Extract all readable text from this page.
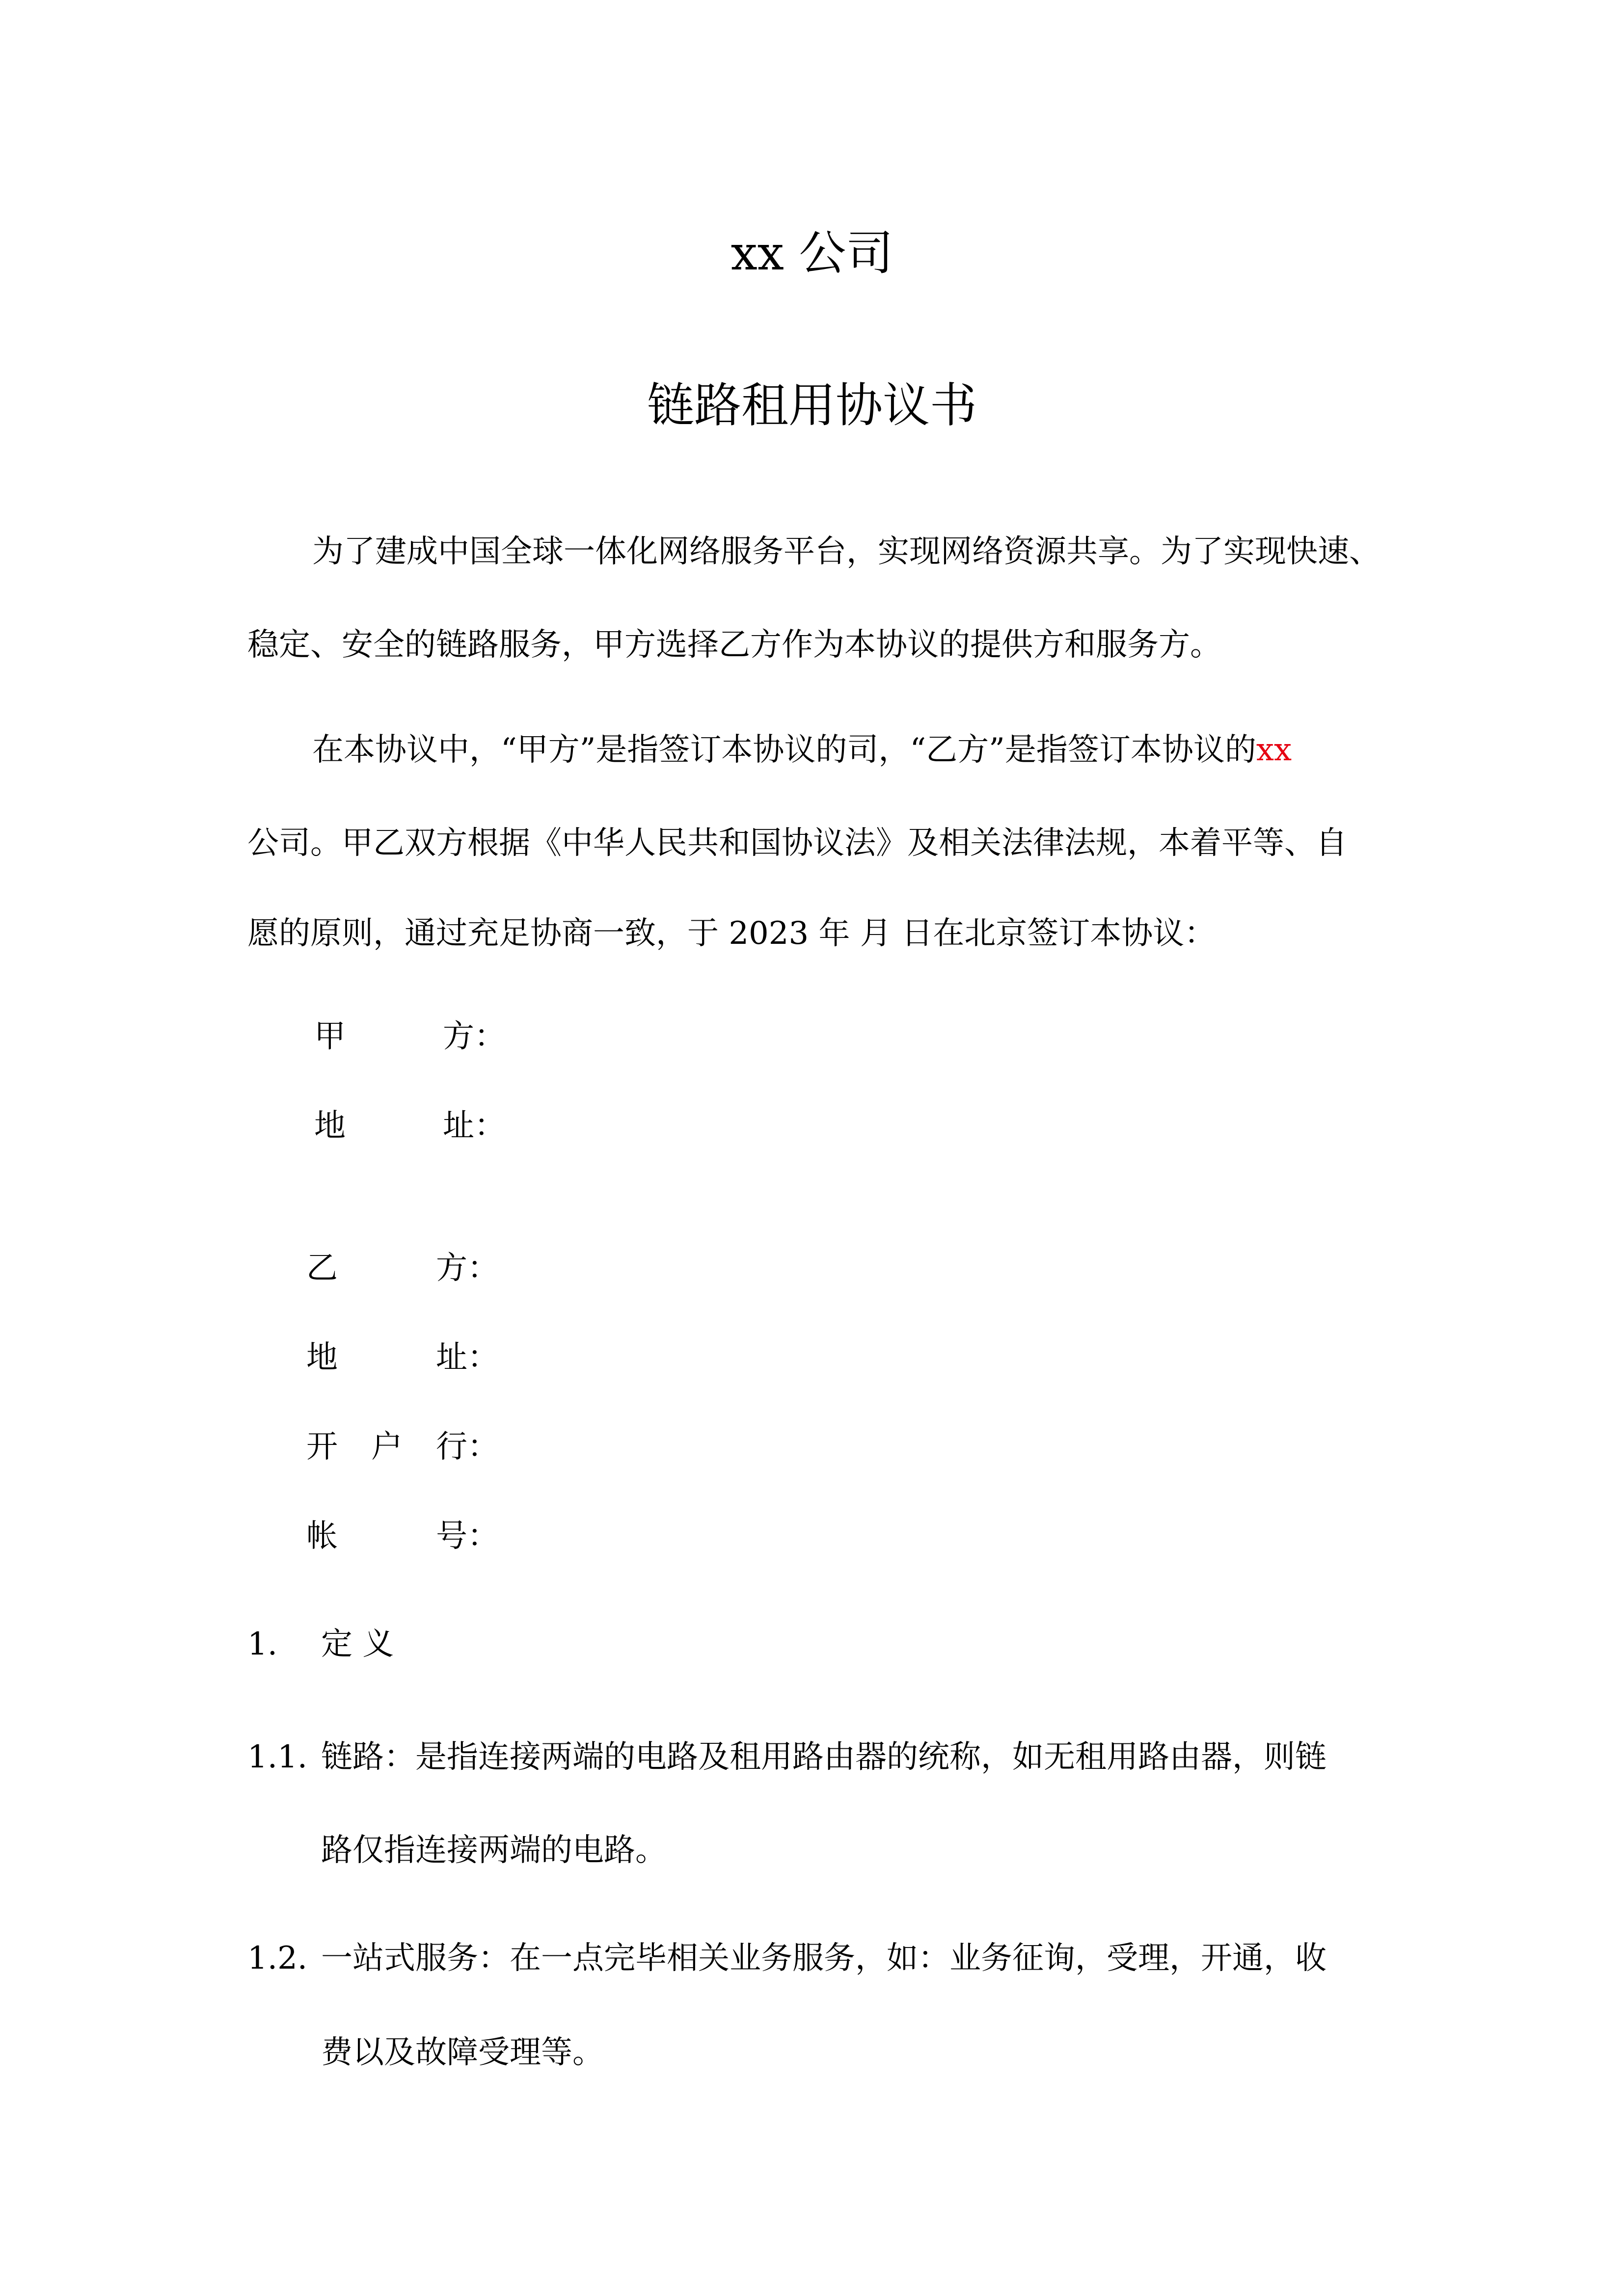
xx 公司
链路租用协议书
为了建成中国全球一体化网络服务平台，实现网络资源共享。为了实现快速、
稳定、安全的链路服务，甲方选择乙方作为本协议的提供方和服务方。
在本协议中，“甲方”是指签订本协议的司，“乙方”是指签订本协议的xx
公司。甲乙双方根据《中华人民共和国协议法》及相关法律法规，本着平等、自
愿的原则，通过充足协商一致，于 2023 年 月 日在北京签订本协议：
甲	方：
地	址：
乙	方：
地	址：
开 户 行：
帐	号：
1. 定 义
1.1. 链路：是指连接两端的电路及租用路由器的统称，如无租用路由器，则链
路仅指连接两端的电路。
1.2. 一站式服务：在一点完毕相关业务服务，如：业务征询，受理，开通，收
费以及故障受理等。
